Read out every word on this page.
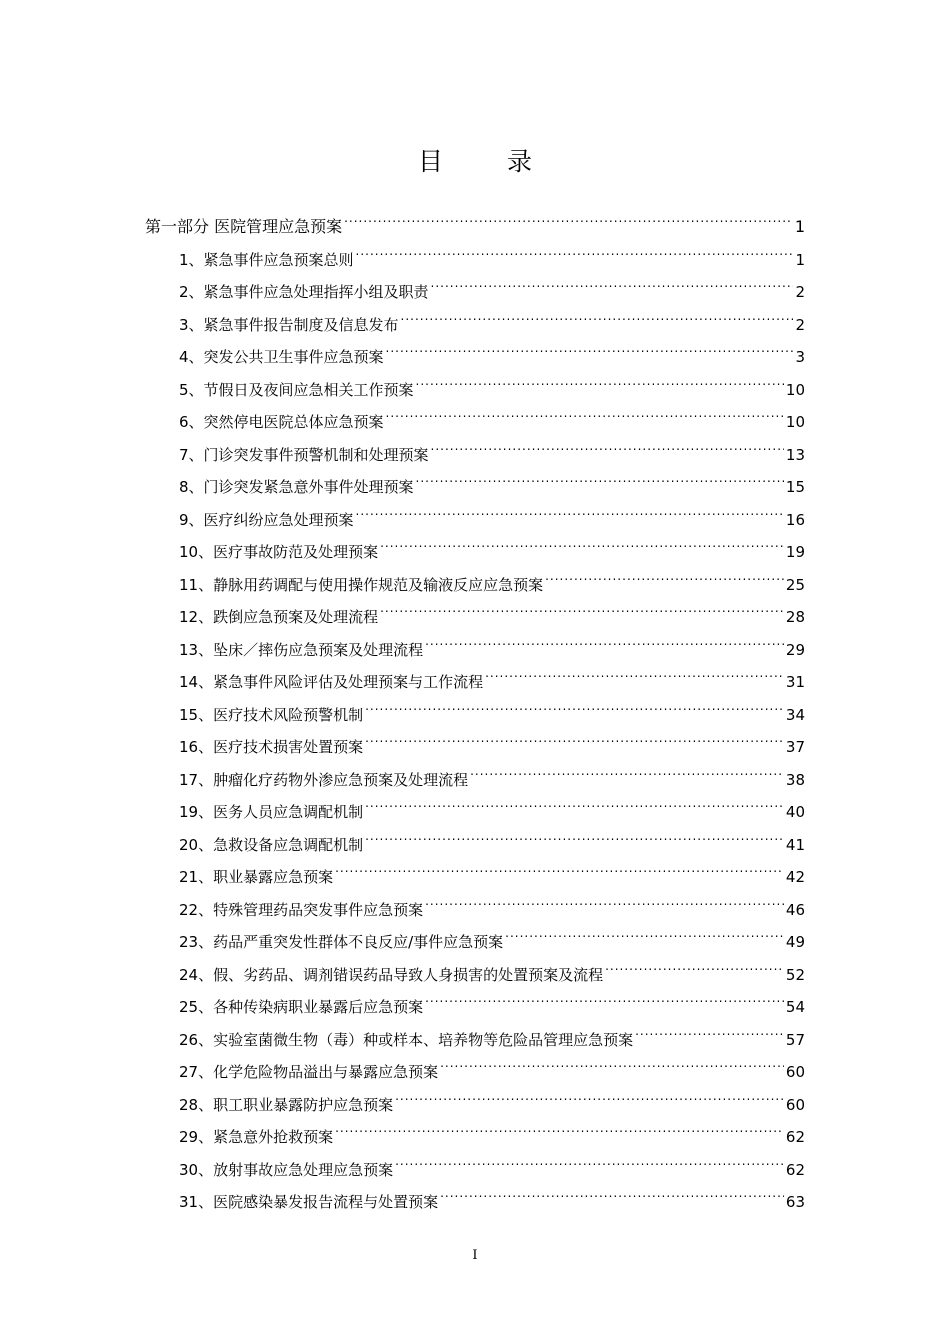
目 录
第一部分 医院管理应急预案 .....	1
1、紧急事件应急预案总则 .....	1
2、紧急事件应急处理指挥小组及职责 .....	2
3、紧急事件报告制度及信息发布 .....	2
4、突发公共卫生事件应急预案 .....	3
5、节假日及夜间应急相关工作预案 .....	10
6、突然停电医院总体应急预案 .....	10
7、门诊突发事件预警机制和处理预案 .....	13
8、门诊突发紧急意外事件处理预案 .....	15
9、医疗纠纷应急处理预案 .....	16
10、医疗事故防范及处理预案 .....	19
11、静脉用药调配与使用操作规范及输液反应应急预案 .....	25
12、跌倒应急预案及处理流程 .....	28
13、坠床／摔伤应急预案及处理流程 .....	29
14、紧急事件风险评估及处理预案与工作流程 .....	31
15、医疗技术风险预警机制 .....	34
16、医疗技术损害处置预案 .....	37
17、肿瘤化疗药物外渗应急预案及处理流程 .....	38
19、医务人员应急调配机制 .....	40
20、急救设备应急调配机制 .....	41
21、职业暴露应急预案 .....	42
22、特殊管理药品突发事件应急预案 .....	46
23、药品严重突发性群体不良反应/事件应急预案 .....	49
24、假、劣药品、调剂错误药品导致人身损害的处置预案及流程 .....	52
25、各种传染病职业暴露后应急预案 .....	54
26、实验室菌微生物（毒）种或样本、培养物等危险品管理应急预案 .....	57
27、化学危险物品溢出与暴露应急预案 .....	60
28、职工职业暴露防护应急预案 .....	60
29、紧急意外抢救预案 .....	62
30、放射事故应急处理应急预案 .....	62
31、医院感染暴发报告流程与处置预案 .....	63
I
